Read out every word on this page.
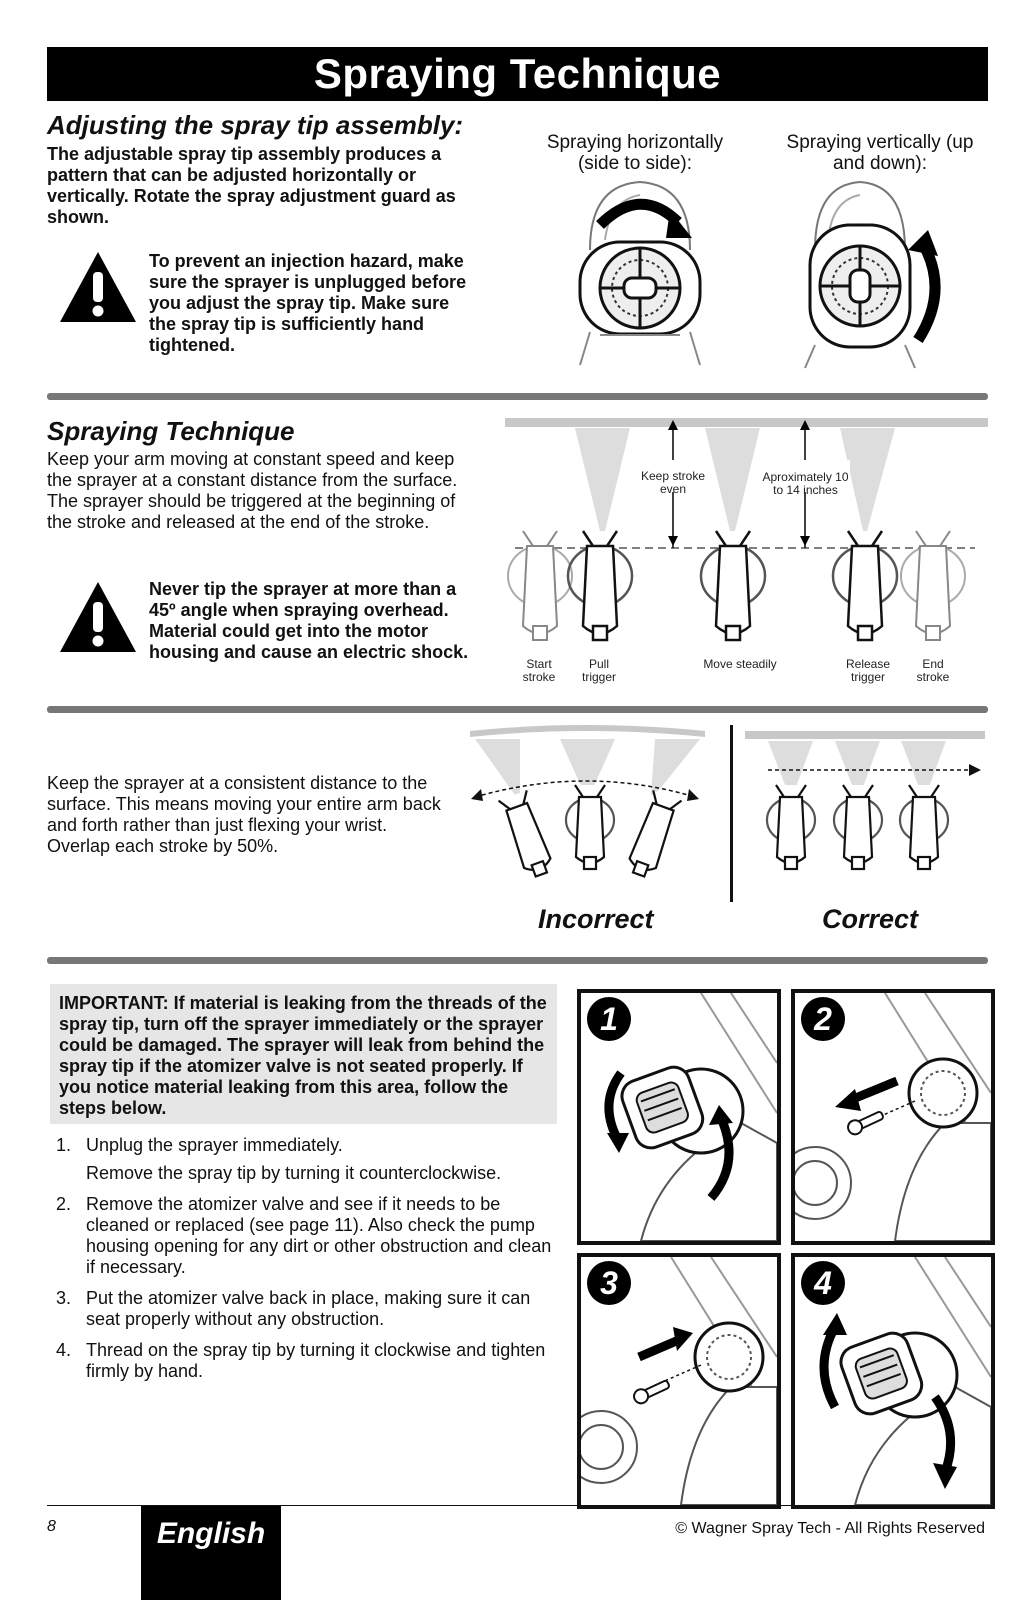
Spraying Technique
Adjusting the spray tip assembly:
The adjustable spray tip assembly produces a pattern that can be adjusted horizontally or vertically. Rotate the spray adjustment guard as shown.
To prevent an injection hazard, make sure the sprayer is unplugged before you adjust the spray tip. Make sure the spray tip is sufficiently hand tightened.
Spraying horizontally (side to side):
Spraying vertically (up and down):
Spraying Technique
Keep your arm moving at constant speed and keep the sprayer at a constant distance from the surface. The sprayer should be triggered at the beginning of the stroke and released at the end of the stroke.
Never tip the sprayer at more than a 45º angle when spraying overhead. Material could get into the motor housing and cause an electric shock.
Keep stroke even
Aproximately 10 to 14 inches
Start stroke
Pull trigger
Move steadily	Release trigger
End stroke
Keep the sprayer at a consistent distance to the surface. This means moving your entire arm back and forth rather than just flexing your wrist. Overlap each stroke by 50%.
Incorrect	Correct
IMPORTANT: If material is leaking from the threads of the spray tip, turn off the sprayer immediately or the sprayer could be damaged. The sprayer will leak from behind the spray tip if the atomizer valve is not seated properly. If you notice material leaking from this area, follow the steps below.
1. Unplug the sprayer immediately.
Remove the spray tip by turning it counterclockwise.
2. Remove the atomizer valve and see if it needs to be cleaned or replaced (see page 11). Also check the pump housing opening for any dirt or other obstruction and clean if necessary.
3. Put the atomizer valve back in place, making sure it can seat properly without any obstruction.
4. Thread on the spray tip by turning it clockwise and tighten firmly by hand.
1	2
3	4
8	English	© Wagner Spray Tech - All Rights Reserved
